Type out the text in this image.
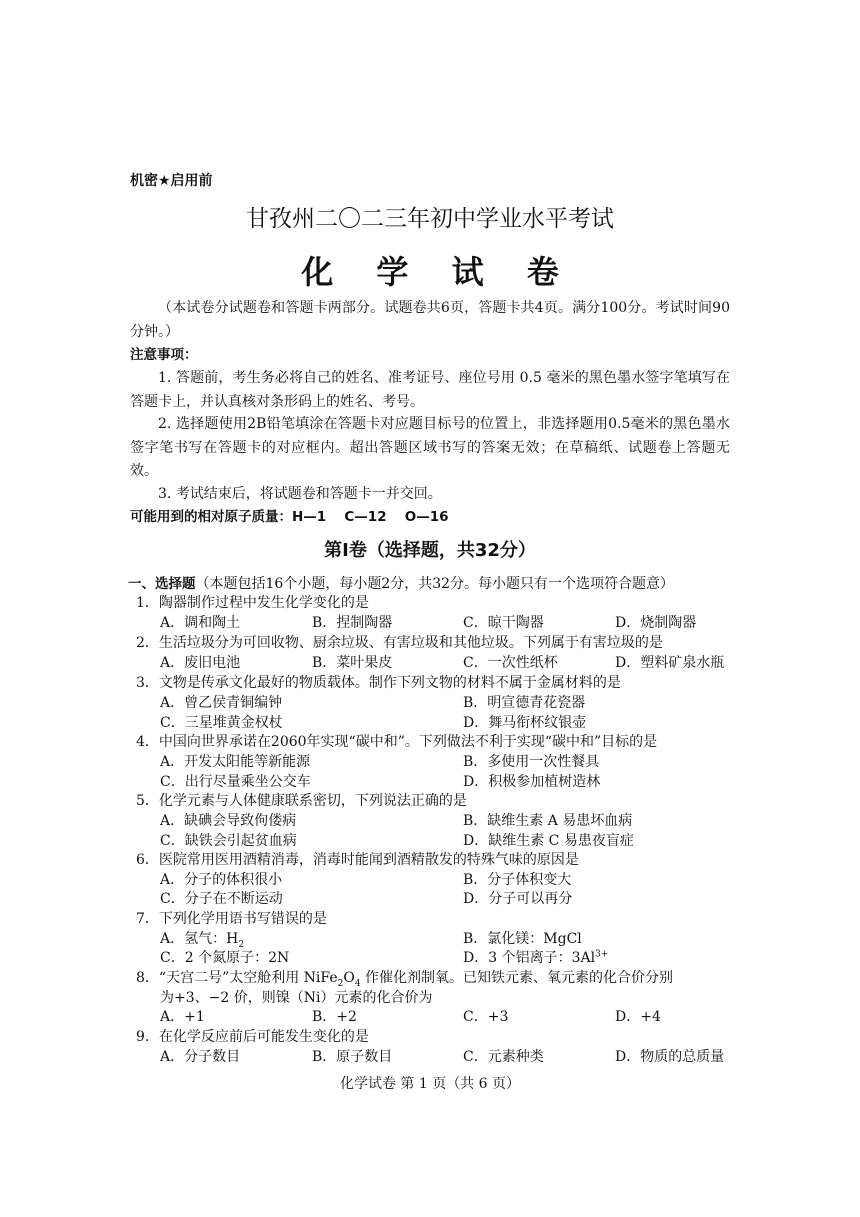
机密★启用前
甘孜州二〇二三年初中学业水平考试
化 学 试 卷
（本试卷分试题卷和答题卡两部分。试题卷共6页，答题卡共4页。满分100分。考试时间90分钟。）
注意事项：
1. 答题前，考生务必将自己的姓名、准考证号、座位号用 0.5 毫米的黑色墨水签字笔填写在答题卡上，并认真核对条形码上的姓名、考号。
2. 选择题使用2B铅笔填涂在答题卡对应题目标号的位置上，非选择题用0.5毫米的黑色墨水签字笔书写在答题卡的对应框内。超出答题区域书写的答案无效；在草稿纸、试题卷上答题无效。
3. 考试结束后，将试题卷和答题卡一并交回。
可能用到的相对原子质量：H—1　 C—12　 O—16
第Ⅰ卷（选择题，共32分）
一、选择题（本题包括16个小题，每小题2分，共32分。每小题只有一个选项符合题意）
1．陶器制作过程中发生化学变化的是
A．调和陶土	B．捏制陶器	C．晾干陶器	D．烧制陶器
2．生活垃圾分为可回收物、厨余垃圾、有害垃圾和其他垃圾。下列属于有害垃圾的是
A．废旧电池	B．菜叶果皮	C．一次性纸杯	D．塑料矿泉水瓶
3．文物是传承文化最好的物质载体。制作下列文物的材料不属于金属材料的是
A．曾乙侯青铜编钟	B．明宣德青花瓷器
C．三星堆黄金权杖	D．舞马衔杯纹银壶
4．中国向世界承诺在2060年实现“碳中和”。下列做法不利于实现“碳中和”目标的是
A．开发太阳能等新能源	B．多使用一次性餐具
C．出行尽量乘坐公交车	D．积极参加植树造林
5．化学元素与人体健康联系密切，下列说法正确的是
A．缺碘会导致佝偻病	B．缺维生素 A 易患坏血病
C．缺铁会引起贫血病	D．缺维生素 C 易患夜盲症
6．医院常用医用酒精消毒，消毒时能闻到酒精散发的特殊气味的原因是
A．分子的体积很小	B．分子体积变大
C．分子在不断运动	D．分子可以再分
7．下列化学用语书写错误的是
A．氢气：$H_2$	B．氯化镁：MgCl
C．2 个氮原子：2N	D．3 个铝离子：$3Al^{3+}$
8．“天宫二号”太空舱利用 $NiFe_2O_4$ 作催化剂制氧。已知铁元素、氧元素的化合价分别
为+3、−2 价，则镍（Ni）元素的化合价为
A．+1	B．+2	C．+3	D．+4
9．在化学反应前后可能发生变化的是
A．分子数目	B．原子数目	C．元素种类	D．物质的总质量
化学试卷 第 1 页（共 6 页）
